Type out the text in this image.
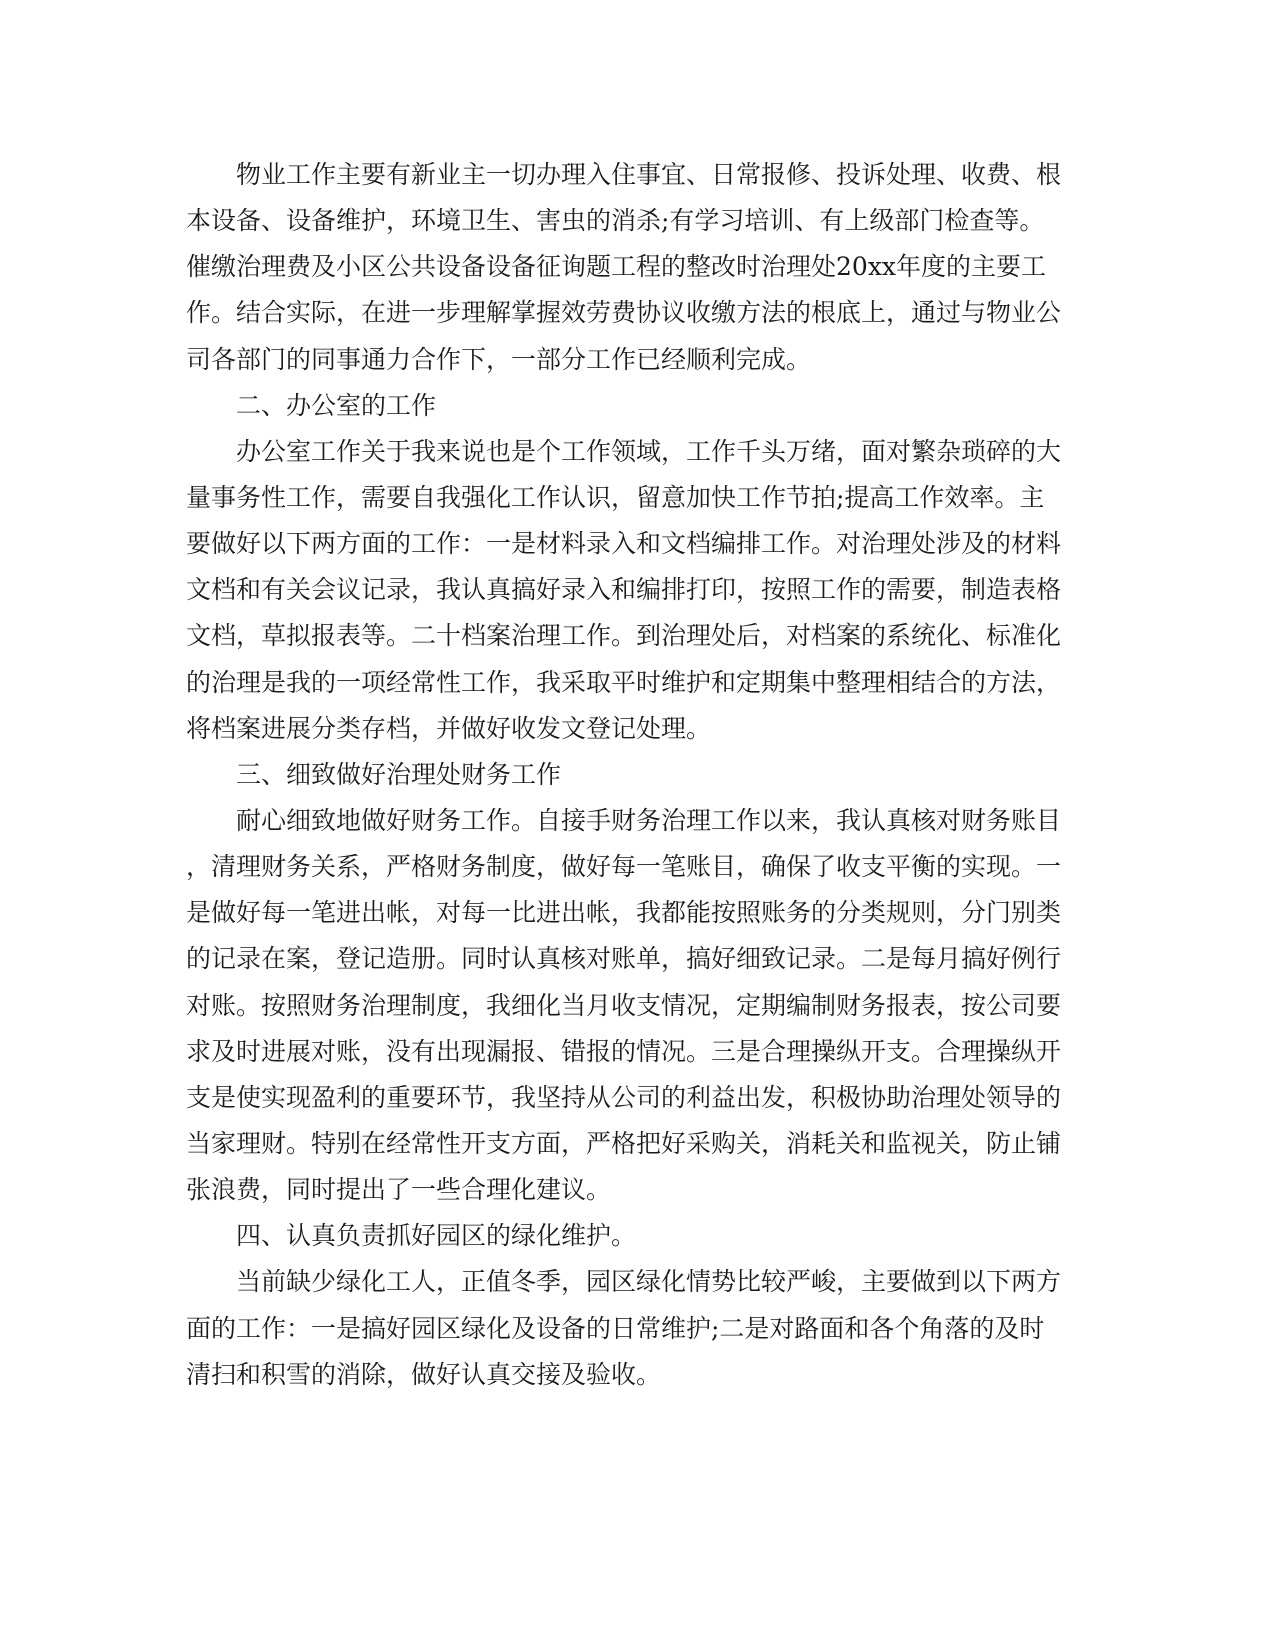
物业工作主要有新业主一切办理入住事宜、日常报修、投诉处理、收费、根
本设备、设备维护，环境卫生、害虫的消杀;有学习培训、有上级部门检查等。
催缴治理费及小区公共设备设备征询题工程的整改时治理处20xx年度的主要工
作。结合实际，在进一步理解掌握效劳费协议收缴方法的根底上，通过与物业公
司各部门的同事通力合作下，一部分工作已经顺利完成。
二、办公室的工作
办公室工作关于我来说也是个工作领域，工作千头万绪，面对繁杂琐碎的大
量事务性工作，需要自我强化工作认识，留意加快工作节拍;提高工作效率。主
要做好以下两方面的工作：一是材料录入和文档编排工作。对治理处涉及的材料
文档和有关会议记录，我认真搞好录入和编排打印，按照工作的需要，制造表格
文档，草拟报表等。二十档案治理工作。到治理处后，对档案的系统化、标准化
的治理是我的一项经常性工作，我采取平时维护和定期集中整理相结合的方法，
将档案进展分类存档，并做好收发文登记处理。
三、细致做好治理处财务工作
耐心细致地做好财务工作。自接手财务治理工作以来，我认真核对财务账目
，清理财务关系，严格财务制度，做好每一笔账目，确保了收支平衡的实现。一
是做好每一笔进出帐，对每一比进出帐，我都能按照账务的分类规则，分门别类
的记录在案，登记造册。同时认真核对账单，搞好细致记录。二是每月搞好例行
对账。按照财务治理制度，我细化当月收支情况，定期编制财务报表，按公司要
求及时进展对账，没有出现漏报、错报的情况。三是合理操纵开支。合理操纵开
支是使实现盈利的重要环节，我坚持从公司的利益出发，积极协助治理处领导的
当家理财。特别在经常性开支方面，严格把好采购关，消耗关和监视关，防止铺
张浪费，同时提出了一些合理化建议。
四、认真负责抓好园区的绿化维护。
当前缺少绿化工人，正值冬季，园区绿化情势比较严峻，主要做到以下两方
面的工作：一是搞好园区绿化及设备的日常维护;二是对路面和各个角落的及时
清扫和积雪的消除，做好认真交接及验收。
